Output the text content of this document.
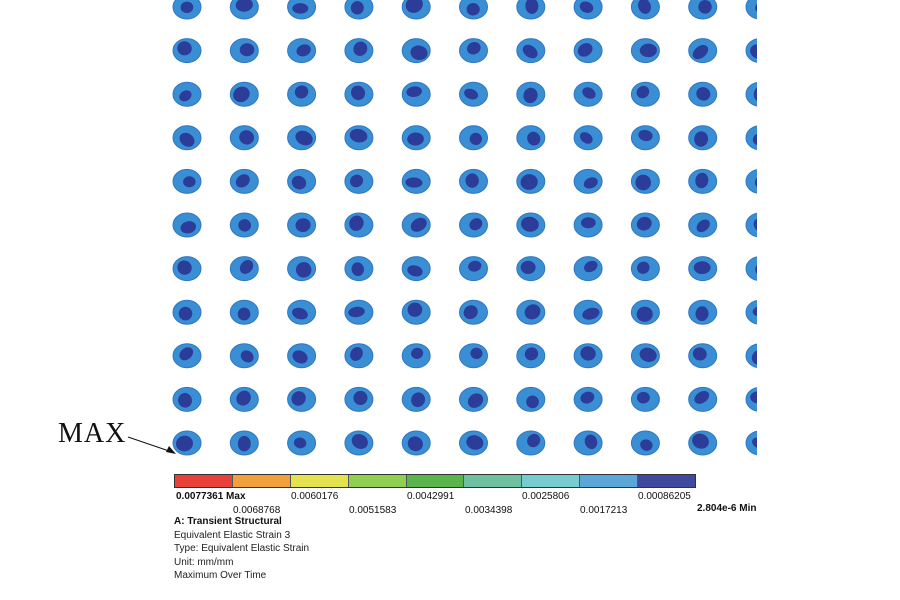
MAX
0.0077361 Max	0.0060176	0.0042991	0.0025806	0.00086205
0.0068768	0.0051583	0.0034398	0.0017213	2.804e-6 Min
A: Transient Structural
Equivalent Elastic Strain 3
Type: Equivalent Elastic Strain
Unit: mm/mm
Maximum Over Time
